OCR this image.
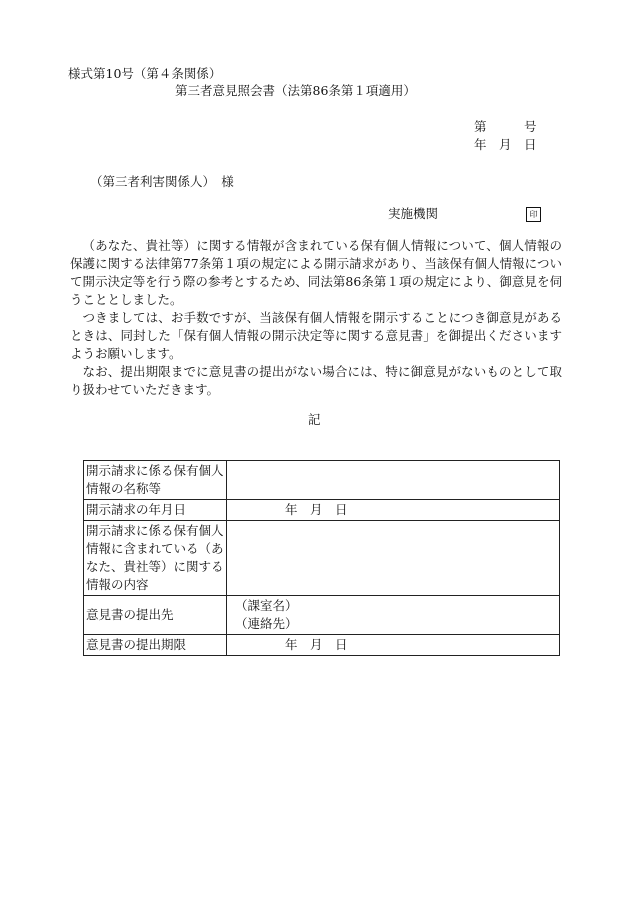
様式第10号（第４条関係）
第三者意見照会書（法第86条第１項適用）
第　　　号
年　月　日
（第三者利害関係人）　様
実施機関	印

（あなた、貴社等）に関する情報が含まれている保有個人情報について、個人情報の保護に関する法律第77条第１項の規定による開示請求があり、当該保有個人情報について開示決定等を行う際の参考とするため、同法第86条第１項の規定により、御意見を伺うこととしました。

つきましては、お手数ですが、当該保有個人情報を開示することにつき御意見があるときは、同封した「保有個人情報の開示決定等に関する意見書」を御提出くださいますようお願いします。

なお、提出期限までに意見書の提出がない場合には、特に御意見がないものとして取り扱わせていただきます。

記
開示請求に係る保有個人情報の名称等	
開示請求の年月日	年　月　日
開示請求に係る保有個人情報に含まれている（あなた、貴社等）に関する情報の内容	
意見書の提出先	（課室名）
（連絡先）

意見書の提出期限	年　月　日
